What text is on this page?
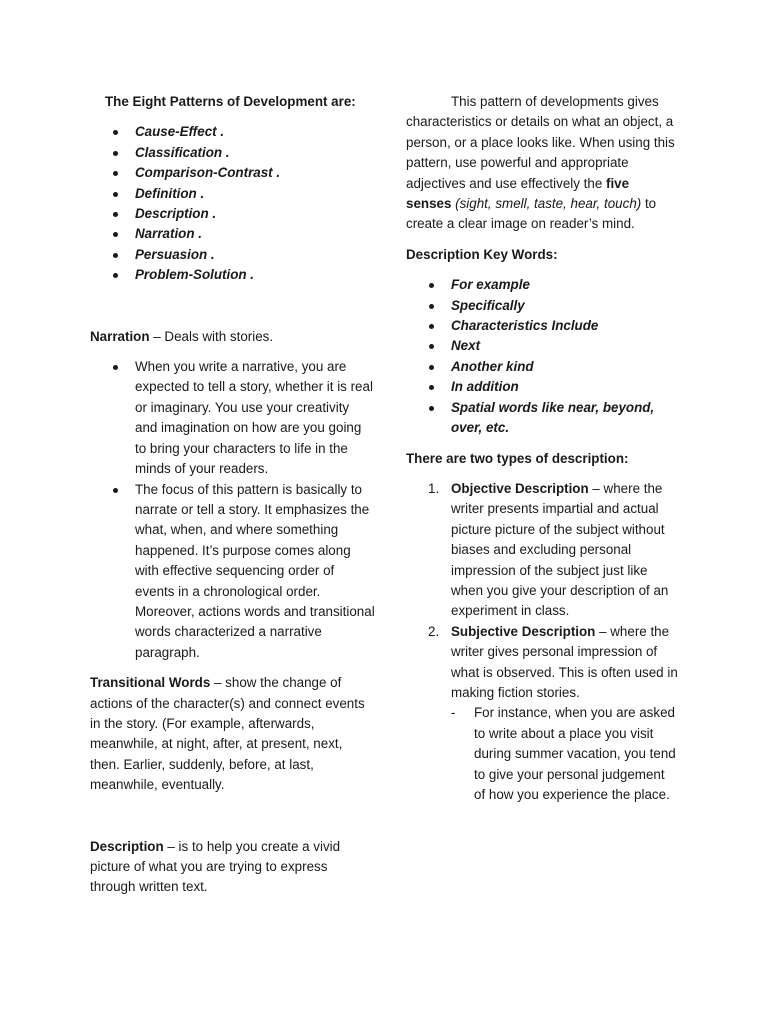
The Eight Patterns of Development are:

Cause-Effect .
Classification .
Comparison-Contrast .
Definition .
Description .
Narration .
Persuasion .
Problem-Solution .

Narration – Deals with stories.

When you write a narrative, you are expected to tell a story, whether it is real or imaginary. You use your creativity and imagination on how are you going to bring your characters to life in the minds of your readers.
The focus of this pattern is basically to narrate or tell a story. It emphasizes the what, when, and where something happened. It’s purpose comes along with effective sequencing order of events in a chronological order. Moreover, actions words and transitional words characterized a narrative paragraph.

Transitional Words – show the change of actions of the character(s) and connect events in the story. (For example, afterwards, meanwhile, at night, after, at present, next, then. Earlier, suddenly, before, at last, meanwhile, eventually.

Description – is to help you create a vivid picture of what you are trying to express through written text.

This pattern of developments gives characteristics or details on what an object, a person, or a place looks like. When using this pattern, use powerful and appropriate adjectives and use effectively the five senses (sight, smell, taste, hear, touch) to create a clear image on reader’s mind.

Description Key Words:

For example
Specifically
Characteristics Include
Next
Another kind
In addition
Spatial words like near, beyond, over, etc.

There are two types of description:

1. Objective Description – where the writer presents impartial and actual picture picture of the subject without biases and excluding personal impression of the subject just like when you give your description of an experiment in class.
2. Subjective Description – where the writer gives personal impression of what is observed. This is often used in making fiction stories.
- For instance, when you are asked to write about a place you visit during summer vacation, you tend to give your personal judgement of how you experience the place.
